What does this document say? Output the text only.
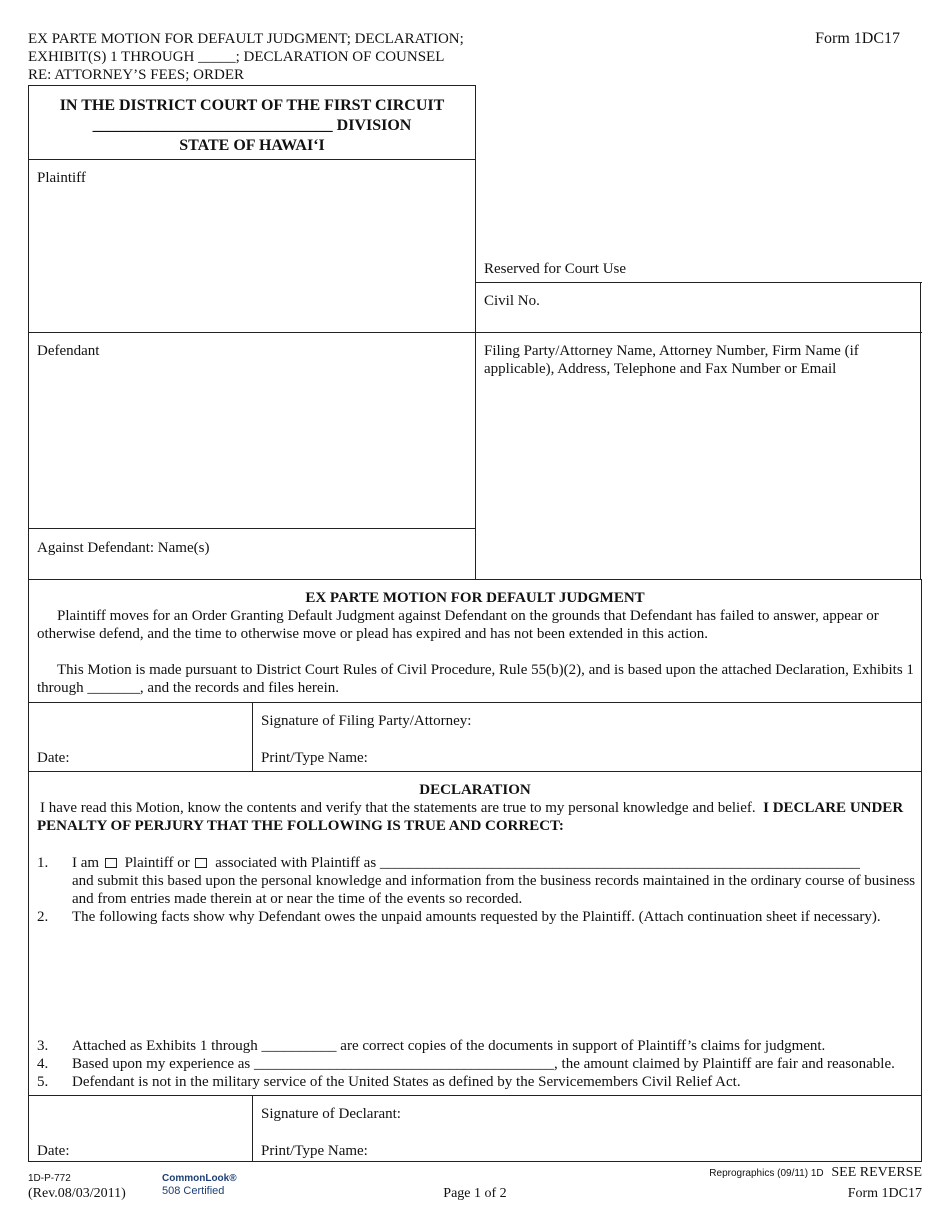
EX PARTE MOTION FOR DEFAULT JUDGMENT; DECLARATION;
EXHIBIT(S) 1 THROUGH _____; DECLARATION OF COUNSEL
RE: ATTORNEY’S FEES; ORDER
Form 1DC17
IN THE DISTRICT COURT OF THE FIRST CIRCUIT
______________________________ DIVISION
STATE OF HAWAI‘I
Plaintiff
Defendant
Against Defendant: Name(s)
Reserved for Court Use
Civil No.
Filing Party/Attorney Name, Attorney Number, Firm Name (if applicable), Address, Telephone and Fax Number or Email
EX PARTE MOTION FOR DEFAULT JUDGMENT
Plaintiff moves for an Order Granting Default Judgment against Defendant on the grounds that Defendant has failed to answer, appear or otherwise defend, and the time to otherwise move or plead has expired and has not been extended in this action.
This Motion is made pursuant to District Court Rules of Civil Procedure, Rule 55(b)(2), and is based upon the attached Declaration, Exhibits 1 through _______, and the records and files herein.
Date:
Signature of Filing Party/Attorney:
Print/Type Name:
DECLARATION
I have read this Motion, know the contents and verify that the statements are true to my personal knowledge and belief. I DECLARE UNDER PENALTY OF PERJURY THAT THE FOLLOWING IS TRUE AND CORRECT:
1. I am Plaintiff or associated with Plaintiff as ________________________________________________________________
and submit this based upon the personal knowledge and information from the business records maintained in the ordinary course of business and from entries made therein at or near the time of the events so recorded.
2. The following facts show why Defendant owes the unpaid amounts requested by the Plaintiff. (Attach continuation sheet if necessary).
3. Attached as Exhibits 1 through __________ are correct copies of the documents in support of Plaintiff’s claims for judgment.
4. Based upon my experience as ________________________________________, the amount claimed by Plaintiff are fair and reasonable.
5. Defendant is not in the military service of the United States as defined by the Servicemembers Civil Relief Act.
Date:
Signature of Declarant:
Print/Type Name:
1D-P-772
(Rev.08/03/2011)
CommonLook®
508 Certified	Page 1 of 2
Reprographics (09/11) 1D SEE REVERSE
Form 1DC17
